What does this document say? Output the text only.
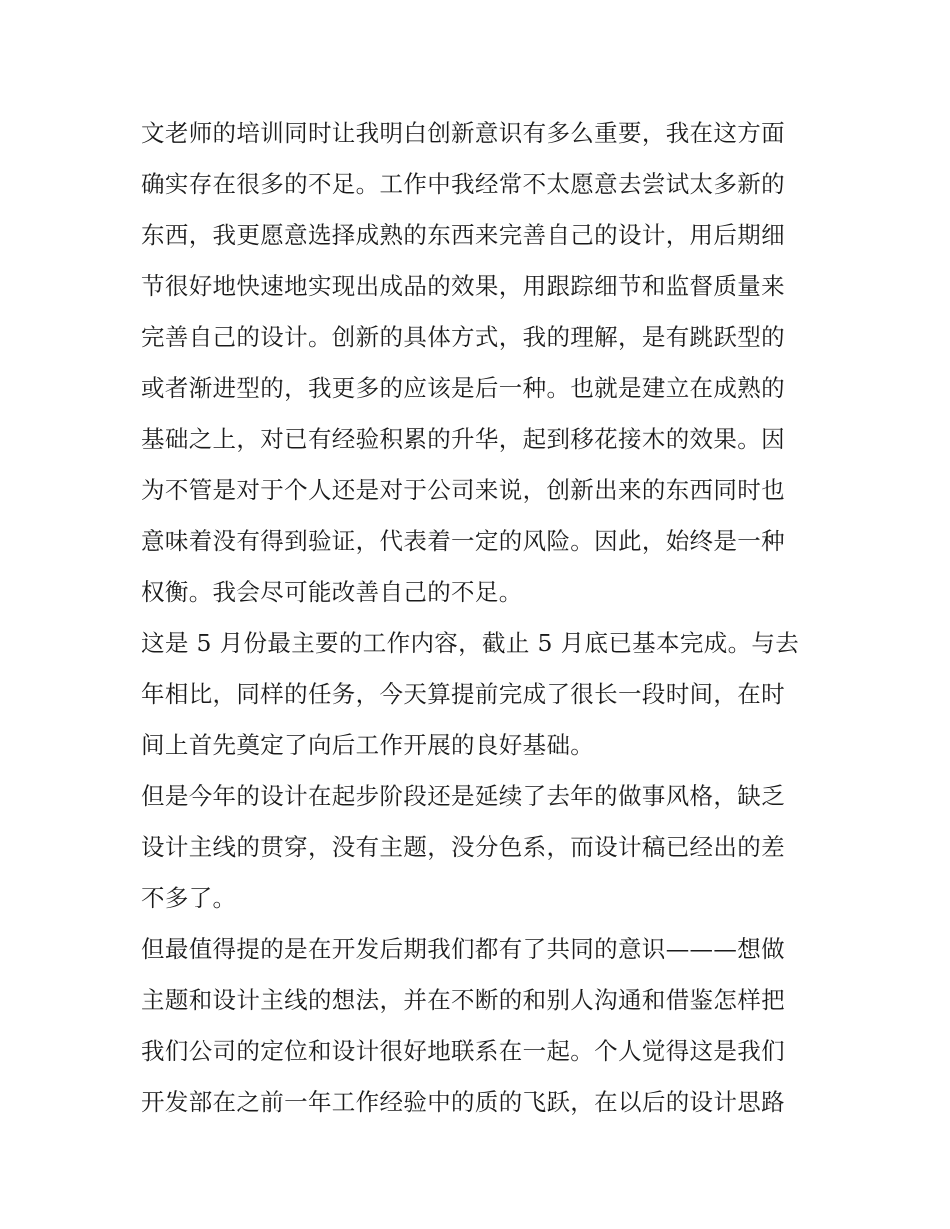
文老师的培训同时让我明白创新意识有多么重要，我在这方面
确实存在很多的不足。工作中我经常不太愿意去尝试太多新的
东西，我更愿意选择成熟的东西来完善自己的设计，用后期细
节很好地快速地实现出成品的效果，用跟踪细节和监督质量来
完善自己的设计。创新的具体方式，我的理解，是有跳跃型的
或者渐进型的，我更多的应该是后一种。也就是建立在成熟的
基础之上，对已有经验积累的升华，起到移花接木的效果。因
为不管是对于个人还是对于公司来说，创新出来的东西同时也
意味着没有得到验证，代表着一定的风险。因此，始终是一种
权衡。我会尽可能改善自己的不足。
这是 5 月份最主要的工作内容，截止 5 月底已基本完成。与去
年相比，同样的任务，今天算提前完成了很长一段时间，在时
间上首先奠定了向后工作开展的良好基础。
但是今年的设计在起步阶段还是延续了去年的做事风格，缺乏
设计主线的贯穿，没有主题，没分色系，而设计稿已经出的差
不多了。
但最值得提的是在开发后期我们都有了共同的意识———想做
主题和设计主线的想法，并在不断的和别人沟通和借鉴怎样把
我们公司的定位和设计很好地联系在一起。个人觉得这是我们
开发部在之前一年工作经验中的质的飞跃，在以后的设计思路
